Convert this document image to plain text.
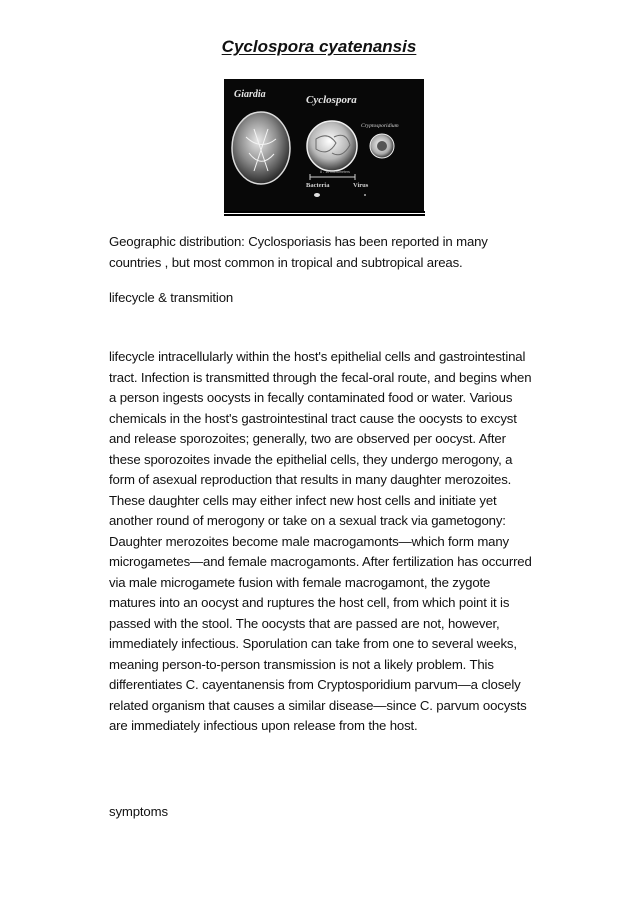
Cyclospora cyatenansis
Giardia	Cyclospora
Cryptosporidium
8 - 10 micrometers
Bacteria	Virus
Geographic distribution: Cyclosporiasis has been reported in many countries , but most common in tropical and subtropical areas.
lifecycle & transmition
lifecycle intracellularly within the host's epithelial cells and gastrointestinal tract. Infection is transmitted through the fecal-oral route, and begins when a person ingests oocysts in fecally contaminated food or water. Various chemicals in the host's gastrointestinal tract cause the oocysts to excyst and release sporozoites; generally, two are observed per oocyst. After these sporozoites invade the epithelial cells, they undergo merogony, a form of asexual reproduction that results in many daughter merozoites. These daughter cells may either infect new host cells and initiate yet another round of merogony or take on a sexual track via gametogony: Daughter merozoites become male macrogamonts—which form many microgametes—and female macrogamonts. After fertilization has occurred via male microgamete fusion with female macrogamont, the zygote matures into an oocyst and ruptures the host cell, from which point it is passed with the stool. The oocysts that are passed are not, however, immediately infectious. Sporulation can take from one to several weeks, meaning person-to-person transmission is not a likely problem. This differentiates C. cayentanensis from Cryptosporidium parvum—a closely related organism that causes a similar disease—since C. parvum oocysts are immediately infectious upon release from the host.
symptoms
